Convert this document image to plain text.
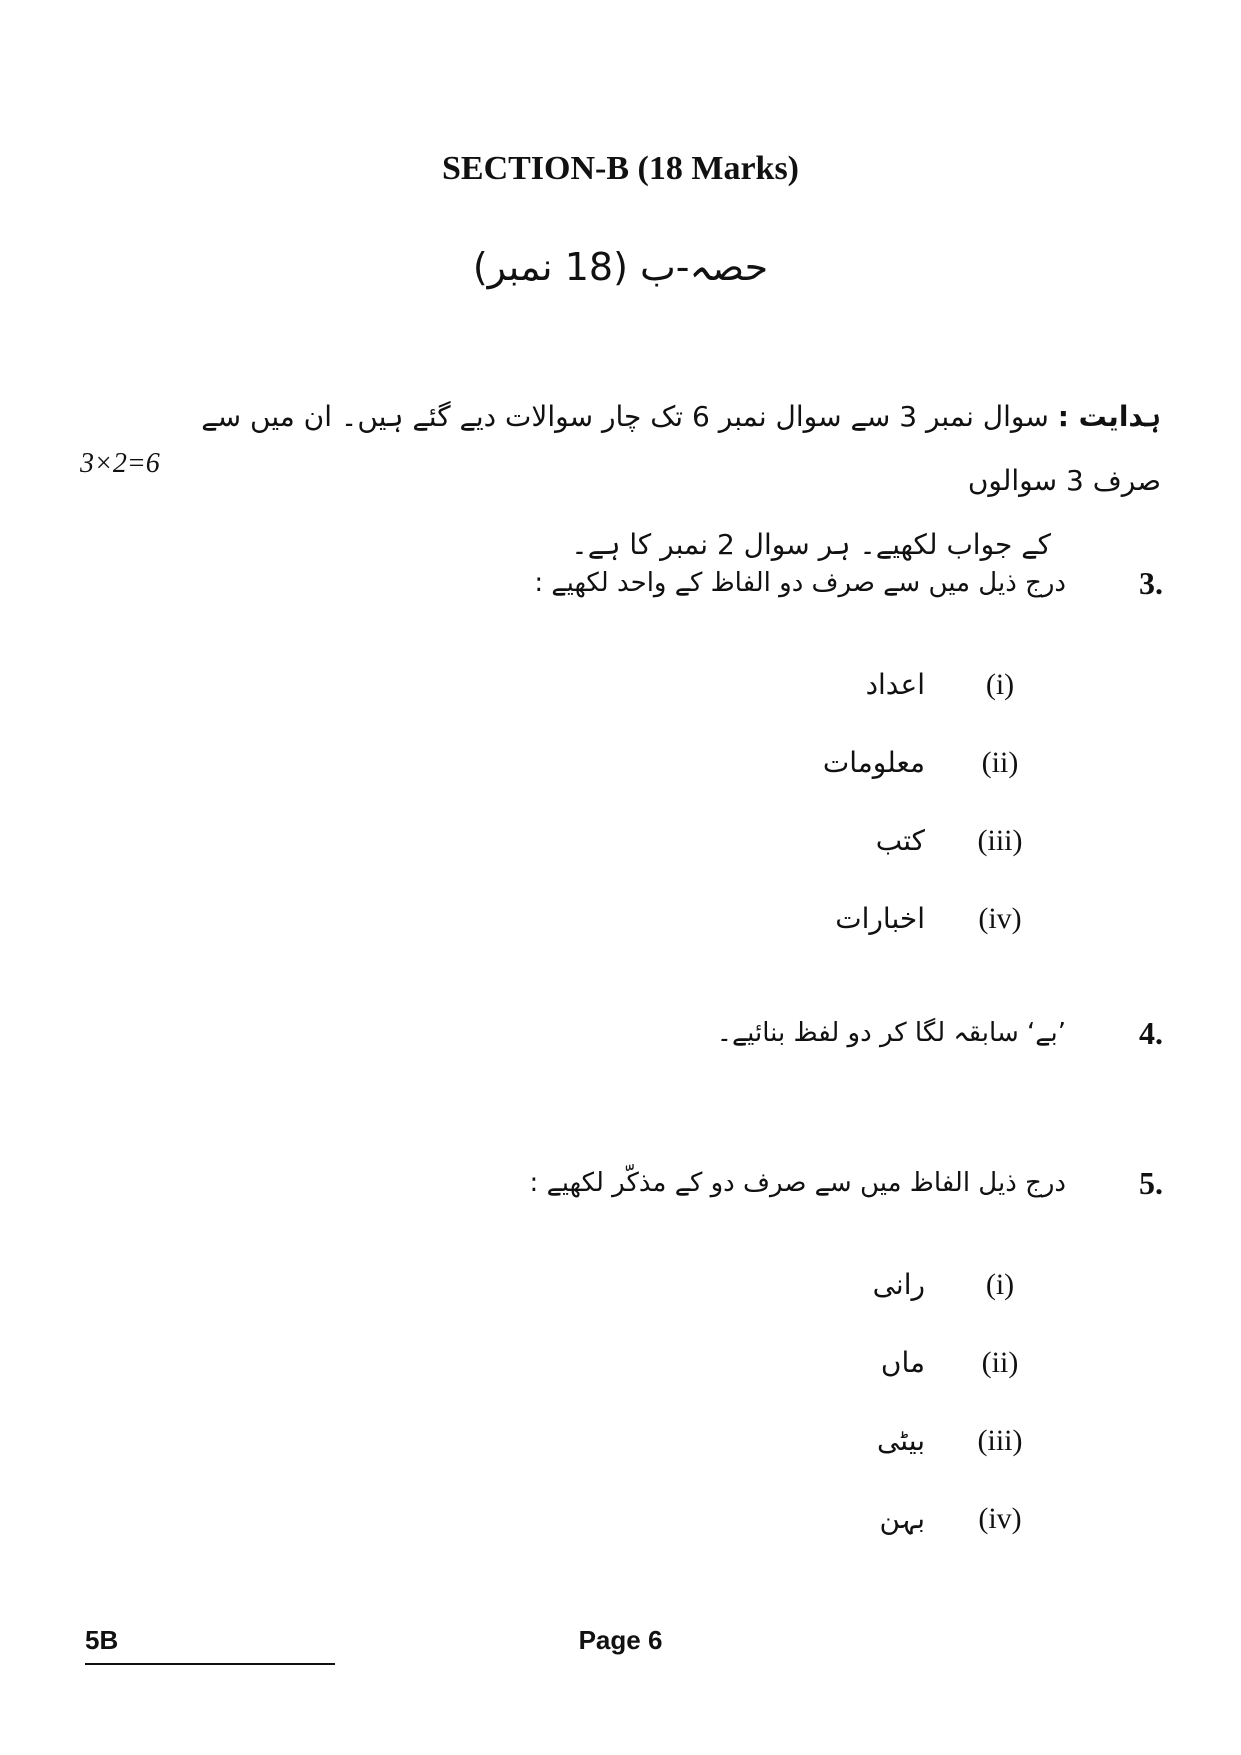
SECTION-B (18 Marks)
حصہ-ب (18 نمبر)
ہدایت : سوال نمبر 3 سے سوال نمبر 6 تک چار سوالات دیے گئے ہیں۔ ان میں سے صرف 3 سوالوں
کے جواب لکھیے۔ ہر سوال 2 نمبر کا ہے۔
3×2=6
3.
درج ذیل میں سے صرف دو الفاظ کے واحد لکھیے :
(i)
اعداد
(ii)
معلومات
(iii)
کتب
(iv)
اخبارات
4.
’بے‘ سابقہ لگا کر دو لفظ بنائیے۔
5.
درج ذیل الفاظ میں سے صرف دو کے مذکّر لکھیے :
(i)
رانی
(ii)
ماں
(iii)
بیٹی
(iv)
بہن
5B	Page 6
